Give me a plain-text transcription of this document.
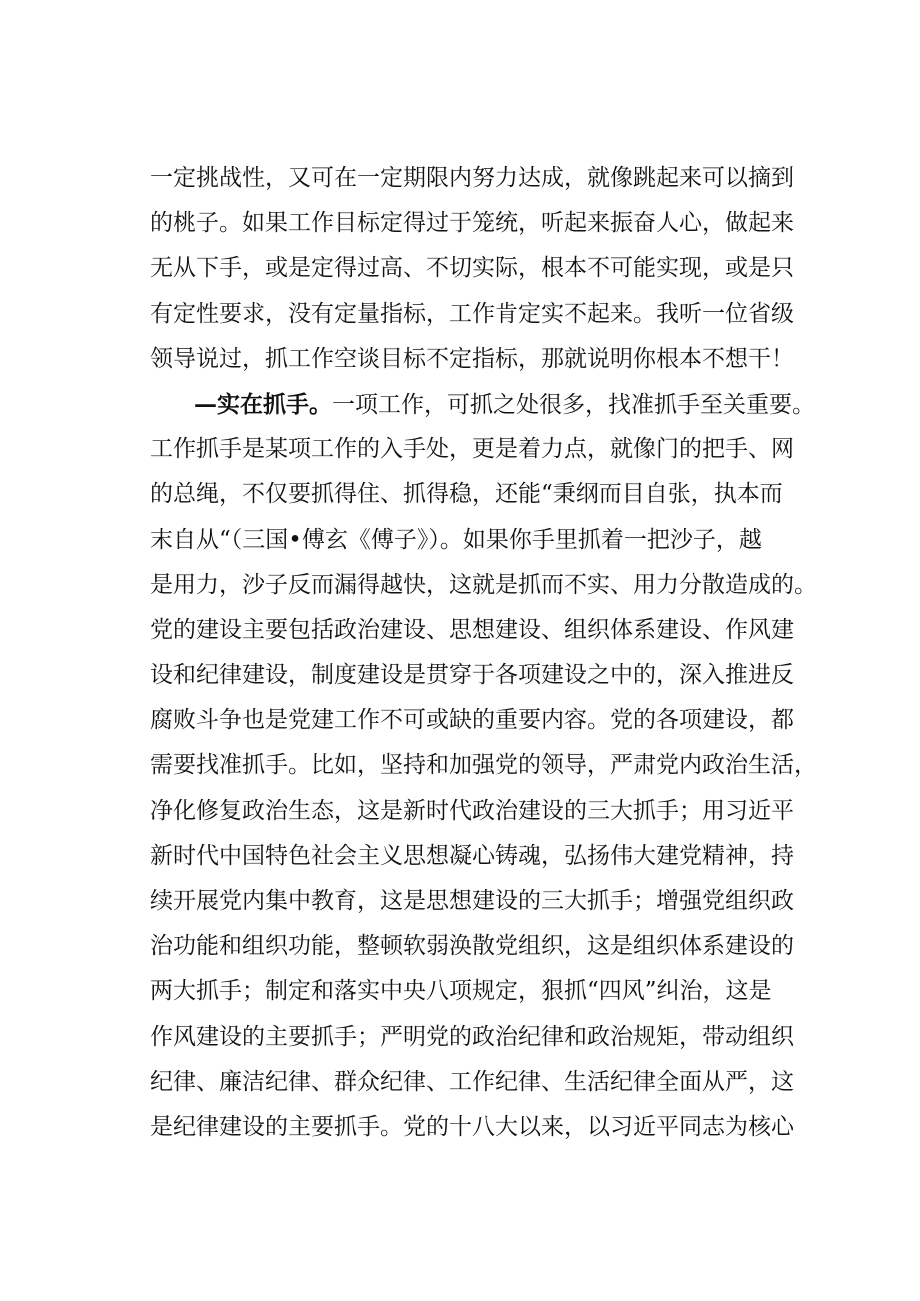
一定挑战性，又可在一定期限内努力达成，就像跳起来可以摘到
的桃子。如果工作目标定得过于笼统，听起来振奋人心，做起来
无从下手，或是定得过高、不切实际，根本不可能实现，或是只
有定性要求，没有定量指标，工作肯定实不起来。我听一位省级
领导说过，抓工作空谈目标不定指标，那就说明你根本不想干！
—实在抓手。一项工作，可抓之处很多，找准抓手至关重要。
工作抓手是某项工作的入手处，更是着力点，就像门的把手、网
的总绳，不仅要抓得住、抓得稳，还能“秉纲而目自张，执本而
末自从“（三国•傅玄《傅子》）。如果你手里抓着一把沙子，越
是用力，沙子反而漏得越快，这就是抓而不实、用力分散造成的。
党的建设主要包括政治建设、思想建设、组织体系建设、作风建
设和纪律建设，制度建设是贯穿于各项建设之中的，深入推进反
腐败斗争也是党建工作不可或缺的重要内容。党的各项建设，都
需要找准抓手。比如，坚持和加强党的领导，严肃党内政治生活，
净化修复政治生态，这是新时代政治建设的三大抓手；用习近平
新时代中国特色社会主义思想凝心铸魂，弘扬伟大建党精神，持
续开展党内集中教育，这是思想建设的三大抓手；增强党组织政
治功能和组织功能，整顿软弱涣散党组织，这是组织体系建设的
两大抓手；制定和落实中央八项规定，狠抓“四风”纠治，这是
作风建设的主要抓手；严明党的政治纪律和政治规矩，带动组织
纪律、廉洁纪律、群众纪律、工作纪律、生活纪律全面从严，这
是纪律建设的主要抓手。党的十八大以来，以习近平同志为核心
